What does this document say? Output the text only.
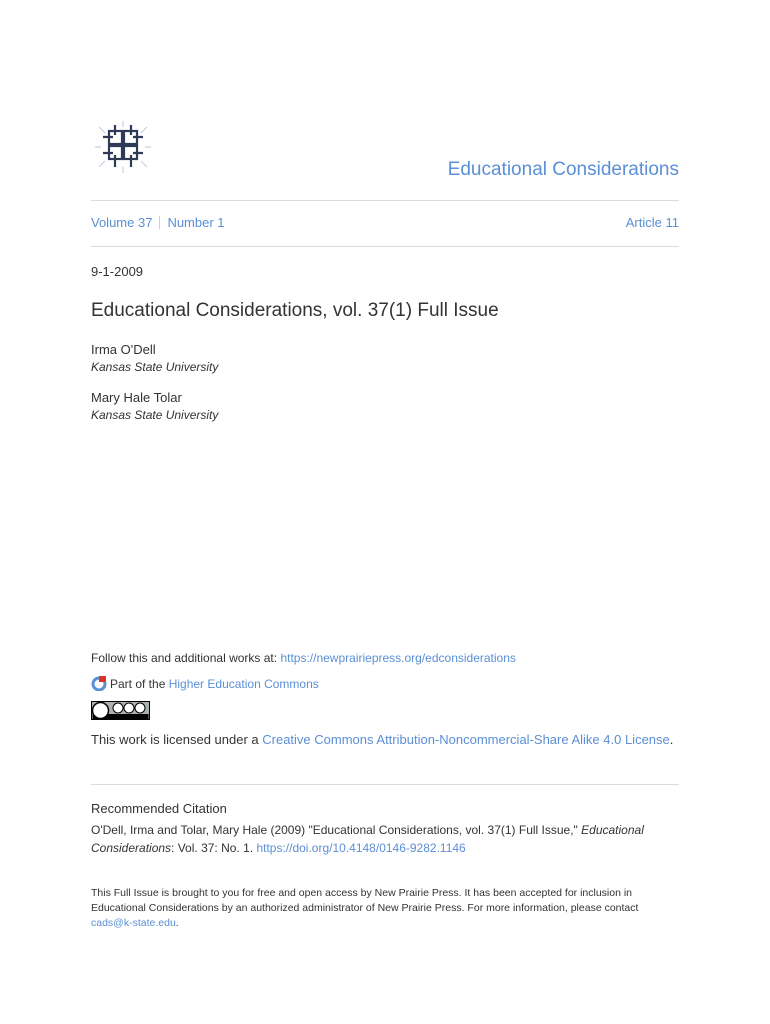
Educational Considerations
Volume 37 Number 1	Article 11
9-1-2009
Educational Considerations, vol. 37(1) Full Issue
Irma O'Dell
Kansas State University
Mary Hale Tolar
Kansas State University
Follow this and additional works at: https://newprairiepress.org/edconsiderations
Part of the Higher Education Commons
This work is licensed under a Creative Commons Attribution-Noncommercial-Share Alike 4.0 License.
Recommended Citation
O'Dell, Irma and Tolar, Mary Hale (2009) "Educational Considerations, vol. 37(1) Full Issue," Educational Considerations: Vol. 37: No. 1. https://doi.org/10.4148/0146-9282.1146
This Full Issue is brought to you for free and open access by New Prairie Press. It has been accepted for inclusion in Educational Considerations by an authorized administrator of New Prairie Press. For more information, please contact cads@k-state.edu.
